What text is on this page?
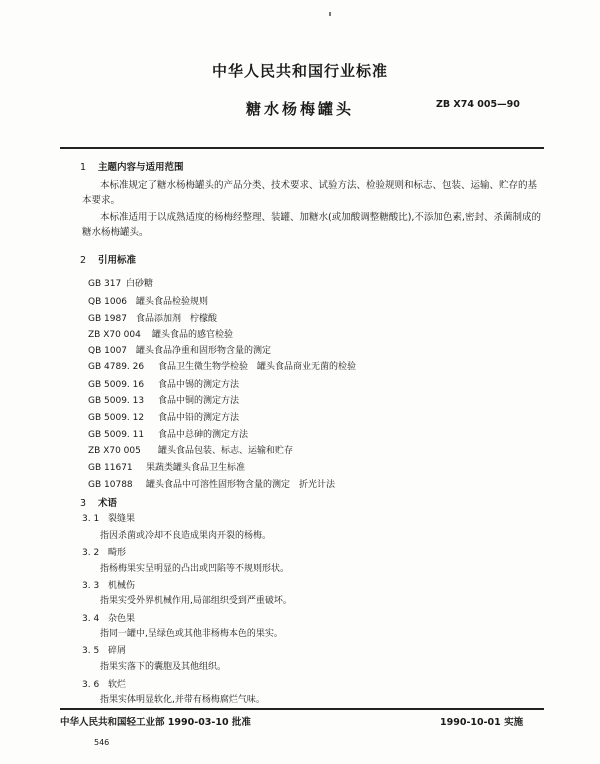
中华人民共和国行业标准
糖水杨梅罐头	ZB X74 005—90
1 主题内容与适用范围
本标准规定了糖水杨梅罐头的产品分类、技术要求、试验方法、检验规则和标志、包装、运输、贮存的基本要求。
本标准适用于以成熟适度的杨梅经整理、装罐、加糖水(或加酸调整糖酸比),不添加色素,密封、杀菌制成的糖水杨梅罐头。
2 引用标准
GB 317 白砂糖
QB 1006 罐头食品检验规则
GB 1987 食品添加剂　柠檬酸
ZB X70 004 罐头食品的感官检验
QB 1007 罐头食品净重和固形物含量的测定
GB 4789. 26 食品卫生微生物学检验　罐头食品商业无菌的检验
GB 5009. 16 食品中锡的测定方法
GB 5009. 13 食品中铜的测定方法
GB 5009. 12 食品中铅的测定方法
GB 5009. 11 食品中总砷的测定方法
ZB X70 005 罐头食品包装、标志、运输和贮存
GB 11671 果蔬类罐头食品卫生标准
GB 10788 罐头食品中可溶性固形物含量的测定　折光计法
3 术语
3. 1 裂缝果
指因杀菌或冷却不良造成果肉开裂的杨梅。
3. 2 畸形
指杨梅果实呈明显的凸出或凹陷等不规则形状。
3. 3 机械伤
指果实受外界机械作用,局部组织受到严重破坏。
3. 4 杂色果
指同一罐中,呈绿色或其他非杨梅本色的果实。
3. 5 碎屑
指果实落下的囊胞及其他组织。
3. 6 软烂
指果实体明显软化,并带有杨梅腐烂气味。
中华人民共和国轻工业部 1990-03-10 批准	1990-10-01 实施
546
